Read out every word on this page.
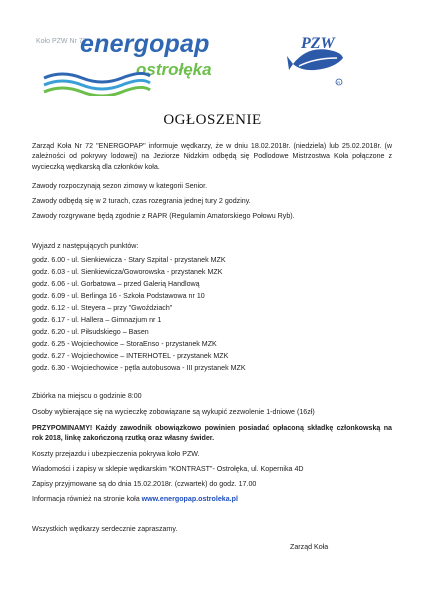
Koło PZW Nr 72
energopap
ostrołęka
PZW
R
OGŁOSZENIE
Zarząd Koła Nr 72 "ENERGOPAP" informuje wędkarzy, że w dniu 18.02.2018r. (niedziela) lub 25.02.2018r. (w zależności od pokrywy lodowej) na Jeziorze Nidzkim odbędą się Podlodowe Mistrzostwa Koła połączone z wycieczką wędkarską dla członków koła.
Zawody rozpoczynają sezon zimowy w kategorii Senior.
Zawody odbędą się w 2 turach, czas rozegrania jednej tury 2 godziny.
Zawody rozgrywane będą zgodnie z RAPR (Regulamin Amatorskiego Połowu Ryb).
Wyjazd z następujących punktów:
godz. 6.00 - ul. Sienkiewicza - Stary Szpital - przystanek MZK
godz. 6.03 - ul. Sienkiewicza/Goworowska - przystanek MZK
godz. 6.06 - ul. Gorbatowa – przed Galerią Handlową
godz. 6.09 - ul. Berlinga 16 - Szkoła Podstawowa nr 10
godz. 6.12 - ul. Steyera – przy "Gwoździach"
godz. 6.17 - ul. Hallera – Gimnazjum nr 1
godz. 6.20 - ul. Piłsudskiego – Basen
godz. 6.25 - Wojciechowice – StoraEnso - przystanek MZK
godz. 6.27 - Wojciechowice – INTERHOTEL - przystanek MZK
godz. 6.30 - Wojciechowice - pętla autobusowa - III przystanek MZK
Zbiórka na miejscu o godzinie 8:00
Osoby wybierające się na wycieczkę zobowiązane są wykupić zezwolenie 1-dniowe (16zł)
PRZYPOMINAMY! Każdy zawodnik obowiązkowo powinien posiadać opłaconą składkę członkowską na rok 2018, linkę zakończoną rzutką oraz własny świder.
Koszty przejazdu i ubezpieczenia pokrywa koło PZW.
Wiadomości i zapisy w sklepie wędkarskim "KONTRAST"- Ostrołęka, ul. Kopernika 4D
Zapisy przyjmowane są do dnia 15.02.2018r. (czwartek) do godz. 17.00
Informacja również na stronie koła www.energopap.ostroleka.pl
Wszystkich wędkarzy serdecznie zapraszamy.
Zarząd Koła
